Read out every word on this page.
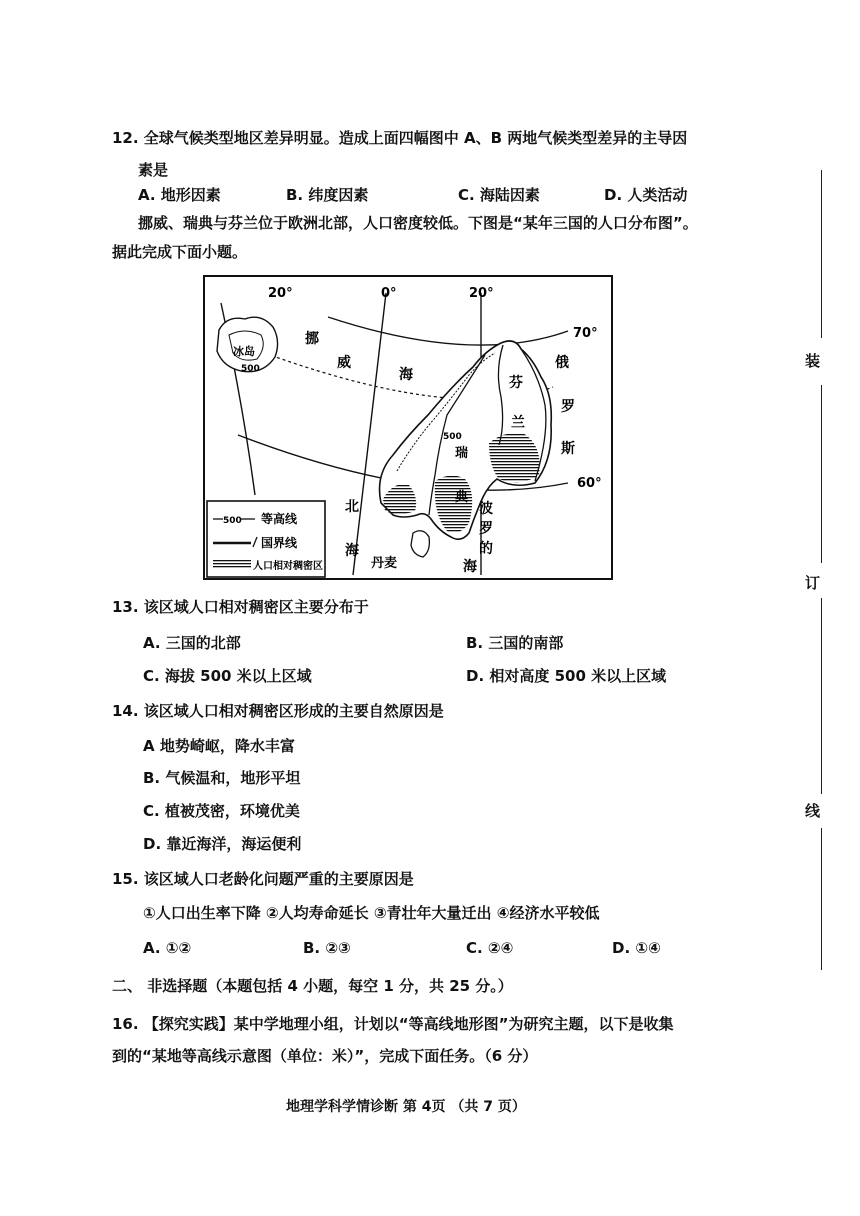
12. 全球气候类型地区差异明显。造成上面四幅图中 A、B 两地气候类型差异的主导因
素是
A. 地形因素	B. 纬度因素	C. 海陆因素	D. 人类活动
挪威、瑞典与芬兰位于欧洲北部，人口密度较低。下图是“某年三国的人口分布图”。
据此完成下面小题。
20°	0°	20°
70°
60°
冰岛
500
挪
威
海	芬
兰
俄
罗
斯
500
瑞
典
北
海
丹麦
波
罗
的
海
500 等高线
国界线
人口相对稠密区
13. 该区域人口相对稠密区主要分布于
A. 三国的北部	B. 三国的南部
C. 海拔 500 米以上区域	D. 相对高度 500 米以上区域
14. 该区域人口相对稠密区形成的主要自然原因是
A 地势崎岖，降水丰富
B. 气候温和，地形平坦
C. 植被茂密，环境优美
D. 靠近海洋，海运便利
15. 该区域人口老龄化问题严重的主要原因是
①人口出生率下降 ②人均寿命延长 ③青壮年大量迁出 ④经济水平较低
A. ①②	B. ②③	C. ②④	D. ①④
二、 非选择题（本题包括 4 小题，每空 1 分，共 25 分。）
16. 【探究实践】某中学地理小组，计划以“等高线地形图”为研究主题，以下是收集
到的“某地等高线示意图（单位：米）”，完成下面任务。（6 分）
装
订
线
地理学科学情诊断 第 4页 （共 7 页）
